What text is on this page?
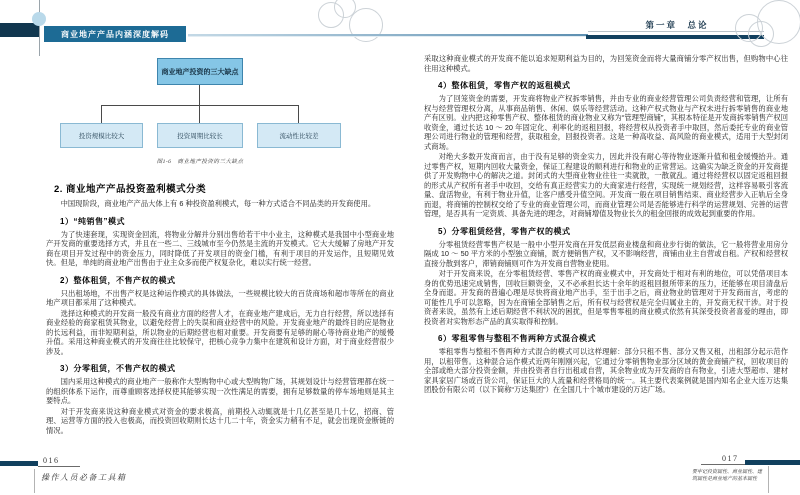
商业地产产品内涵深度解码
第一章　总论
商业地产投资的三大缺点
投资规模比较大	投资周期比较长	流动性比较差
图1-6　商业地产投资的三大缺点
2. 商业地产产品投资盈利模式分类

中国现阶段，商业地产产品大体上有 6 种投资盈利模式，每一种方式适合不同品类的开发商使用。

1）“纯销售”模式

为了快速套现，实现资金回流，将物业分解并分别出售给若干中小业主，这种模式是我国中小型商业地产开发商的重要选择方式，并且在一些二、三线城市至今仍然是主流的开发模式。它大大缓解了房地产开发商在项目开发过程中的资金压力，同时降低了开发项目的资金门槛，有利于项目的开发运作，且短期见效快。但是，单纯的商业地产出售由于业主众多而使产权复杂化，难以实行统一经营。

2）整体租赁，不售产权的模式

只出租场地，不出售产权是这种运作模式的具体做法，一些规模比较大的百货商场和超市等所在的商业地产项目都采用了这种模式。

选择这种模式的开发商一般没有商业方面的经营人才，在商业地产建成后，无力自行经营，所以选择有商业经验的商家租赁其物业，以避免经营上的失误和商业经营中的风险。开发商业地产的最终目的应是物业的长远利益，而非短期利益，所以物业的后期经营也相对重要。开发商要有足够的耐心等待商业地产的缓慢升值。采用这种商业模式的开发商往往比较保守，把核心竞争力集中在建筑和设计方面，对于商业经营很少涉及。

3）分零租赁，不售产权的模式

国内采用这种模式的商业地产一般称作大型购物中心或大型购物广场，其规划设计与经营管理都在统一的组织体系下运作，而尊重顾客选择权使其能够实现一次性满足的需要，拥有足够数量的停车场地则是其主要特点。

对于开发商来说这种商业模式对资金的要求极高，前期投入动辄就是十几亿甚至是几十亿，招商、管理、运营等方面的投入也极高，而投资回收期则长达十几二十年，资金实力稍有不足，就会出现资金断链的情况。

采取这种商业模式的开发商不能以追求短期利益为目的，为回笼资金而将大量商铺分零产权出售，但购物中心往往用这种模式。

4）整体租赁，零售产权的返租模式

为了回笼资金的需要，开发商将物业产权拆零销售，并由专业的商业经营管理公司负责经营和管理，让所有权与经营管理权分离，从事商品销售、休闲、娱乐等经营活动。这种产权式物业与产权未进行拆零销售的商业地产有区别。业内把这种零售产权、整体租赁的商业物业又称为“管理型商铺”，其根本特征是开发商拆零销售产权回收资金，通过长达 10 ～ 20 年固定化、利率化的返租回报，将经营权从投资者手中取回，然后委托专业的商业管理公司进行物业的管理和经营，获取租金，回报投资者。这是一种高收益、高风险的商业模式，适用于大型封闭式商场。

对绝大多数开发商而言，由于没有足够的资金实力，因此并没有耐心等待物业逐渐升值和租金缓慢抬升。通过零售产权，短期内回收大量资金，保证工程建设的顺利进行和物业的正常营运。这确实为缺乏资金的开发商提供了开发购物中心的解决之道。封闭式的大型商业物业往往一卖就散，一散就乱。通过将经营权以固定返租回报的形式从产权所有者手中收回，交给有真正经营实力的大商家进行经营，实现统一规划经营，这样容易吸引客流量、盘活物业，有利于物业升值，让客户感受升值空间。开发商一般在项目销售结束、商业经营步入正轨后全身而退，将商铺的控制权交给了专业的商业管理公司，而商业管理公司是否能够进行科学的运营规划、完善的运营管理，是否具有一定资质、具备先进的理念，对商铺增值及物业长久的租金回报的成效起到重要的作用。

5）分零租赁经营，零售产权的模式

分零租赁经营零售产权是一般中小型开发商在开发低层商业楼盘和商业步行街的做法，它一般将营业用房分隔成 10 ～ 50 平方米的小型独立商铺，既方便销售产权，又不影响经营，商铺由业主自营或自租。产权和经营权直接分散到客户，滞销商铺则可作为开发商自营物业使用。

对于开发商来说，在分零租赁经营、零售产权的商业模式中，开发商处于相对有利的地位，可以凭借项目本身的优势迅速完成销售，回收巨额资金，又不必承担长达十余年的返租回报所带来的压力，还能够在项目清盘后全身而退。开发商的普遍心理是尽快将商业地产出手，至于出手之后，商业物业的管理对于开发商而言，考虑的可能性几乎可以忽略，因为在商铺全部销售之后，所有权与经营权是完全归属业主的，开发商无权干涉。对于投资者来说，虽然有上述后期经营不利状况的困扰，但是零售零租的商业模式依然有其深受投资者喜爱的理由，即投资者对实物形态产品的真实取得和控制。

6）零租零售与整租不售两种方式混合模式

零租零售与整租不售两种方式混合的模式可以这样理解：部分只租不售、部分又售又租，出租部分起示范作用，以租带售。这种混合运作模式近两年刚刚兴起，它通过分零销售物业部分区域的黄金商铺产权，回收项目的全部或绝大部分投资金额，并由投资者自行出租或自营，其余物业成为开发商的自有物业，引进大型超市、建材家具家居广场或百货公司，保证巨大的人流量和经营格局的统一。其主要代表案例就是国内知名企业大连万达集团股份有限公司（以下简称“万达集团”）在全国几十个城市建设的万达广场。

016
操作人员必备工具箱
017
要牢记投资属性、商业属性、建筑属性是商业地产的基本属性
